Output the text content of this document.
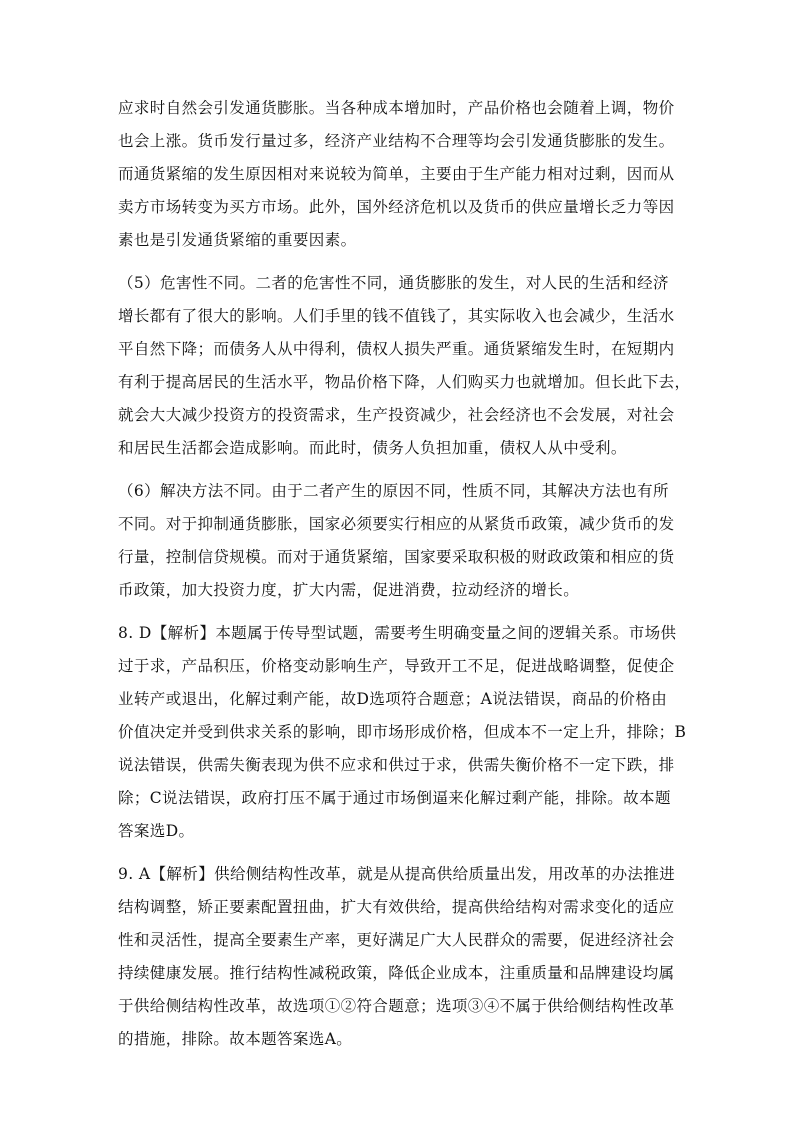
应求时自然会引发通货膨胀。当各种成本增加时，产品价格也会随着上调，物价
也会上涨。货币发行量过多，经济产业结构不合理等均会引发通货膨胀的发生。
而通货紧缩的发生原因相对来说较为简单，主要由于生产能力相对过剩，因而从
卖方市场转变为买方市场。此外，国外经济危机以及货币的供应量增长乏力等因
素也是引发通货紧缩的重要因素。
（5）危害性不同。二者的危害性不同，通货膨胀的发生，对人民的生活和经济
增长都有了很大的影响。人们手里的钱不值钱了，其实际收入也会减少，生活水
平自然下降；而债务人从中得利，债权人损失严重。通货紧缩发生时，在短期内
有利于提高居民的生活水平，物品价格下降，人们购买力也就增加。但长此下去，
就会大大减少投资方的投资需求，生产投资减少，社会经济也不会发展，对社会
和居民生活都会造成影响。而此时，债务人负担加重，债权人从中受利。
（6）解决方法不同。由于二者产生的原因不同，性质不同，其解决方法也有所
不同。对于抑制通货膨胀，国家必须要实行相应的从紧货币政策，减少货币的发
行量，控制信贷规模。而对于通货紧缩，国家要采取积极的财政政策和相应的货
币政策，加大投资力度，扩大内需，促进消费，拉动经济的增长。
8. D【解析】本题属于传导型试题，需要考生明确变量之间的逻辑关系。市场供
过于求，产品积压，价格变动影响生产，导致开工不足，促进战略调整，促使企
业转产或退出，化解过剩产能，故D选项符合题意；A说法错误，商品的价格由
价值决定并受到供求关系的影响，即市场形成价格，但成本不一定上升，排除；B
说法错误，供需失衡表现为供不应求和供过于求，供需失衡价格不一定下跌，排
除；C说法错误，政府打压不属于通过市场倒逼来化解过剩产能，排除。故本题
答案选D。
9. A【解析】供给侧结构性改革，就是从提高供给质量出发，用改革的办法推进
结构调整，矫正要素配置扭曲，扩大有效供给，提高供给结构对需求变化的适应
性和灵活性，提高全要素生产率，更好满足广大人民群众的需要，促进经济社会
持续健康发展。推行结构性减税政策，降低企业成本，注重质量和品牌建设均属
于供给侧结构性改革，故选项①②符合题意；选项③④不属于供给侧结构性改革
的措施，排除。故本题答案选A。
